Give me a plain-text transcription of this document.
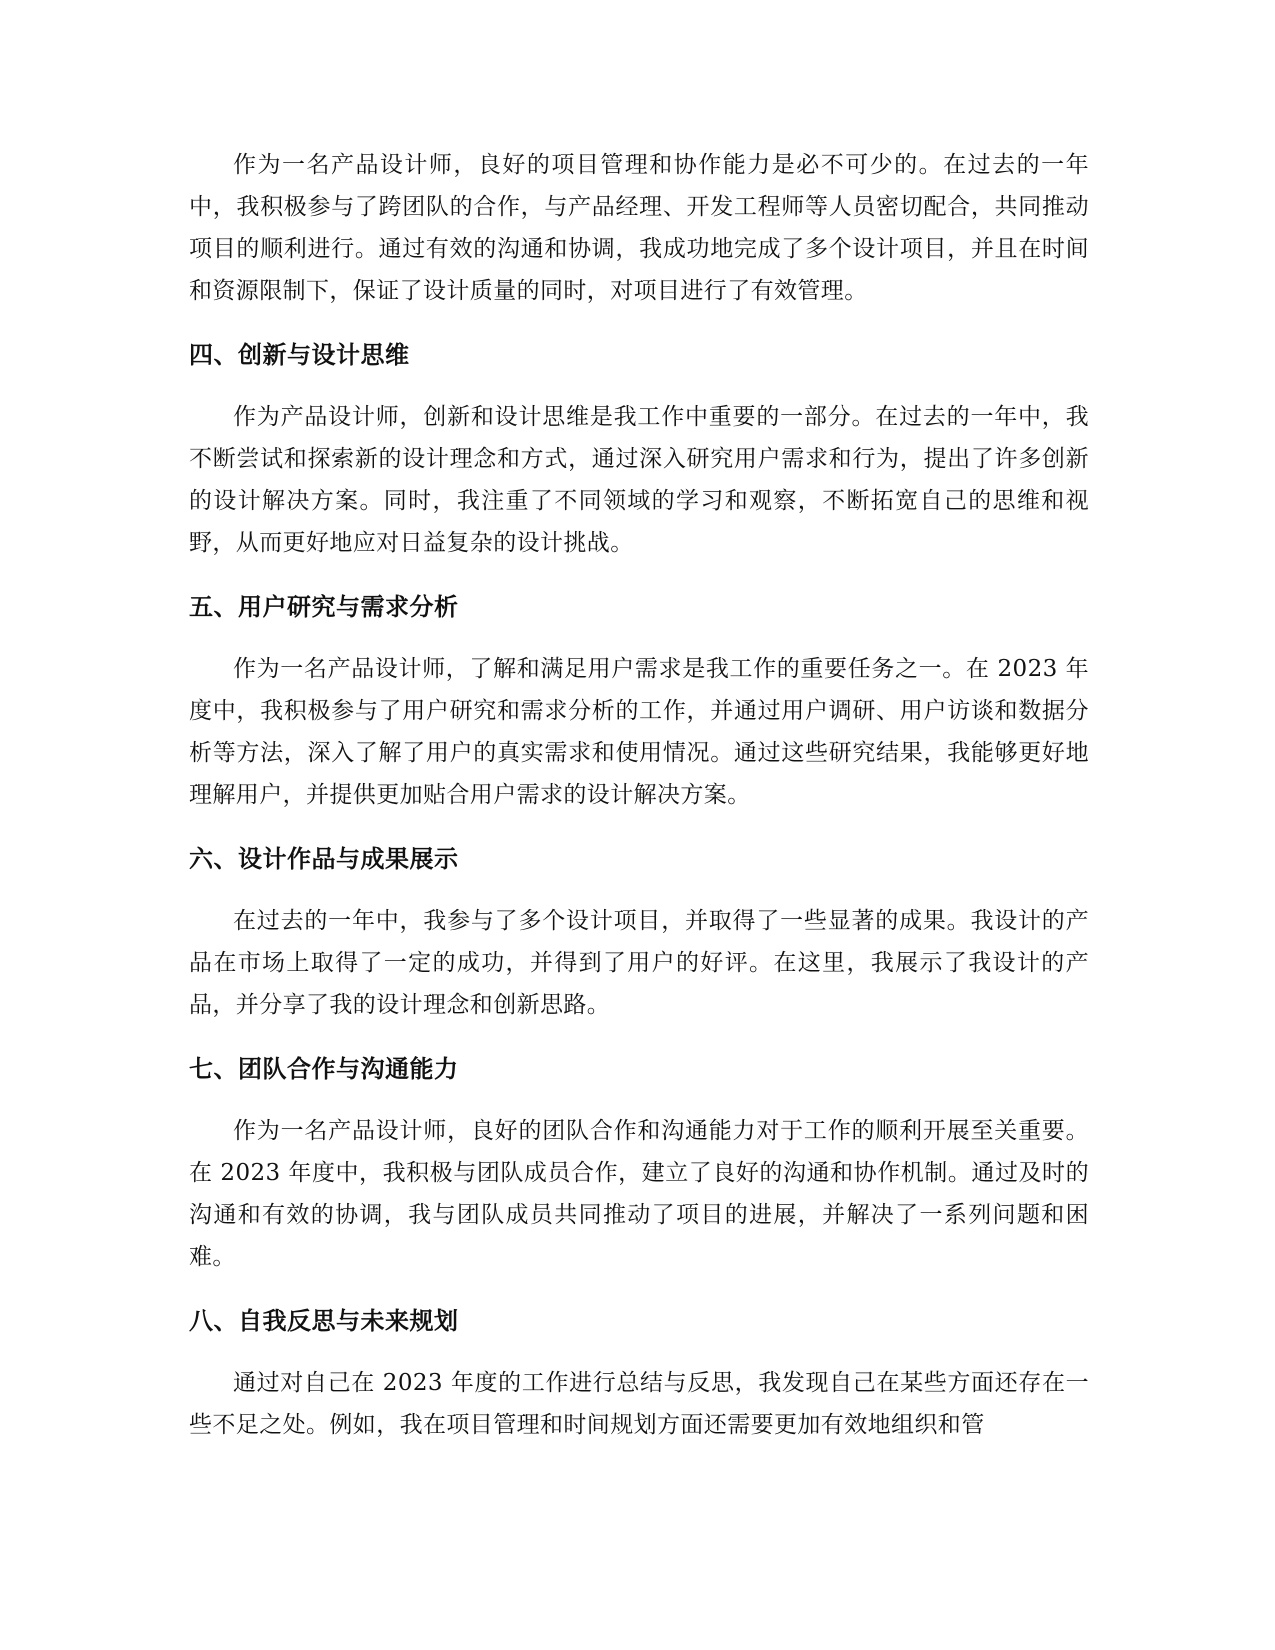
作为一名产品设计师，良好的项目管理和协作能力是必不可少的。在过去的一年中，我积极参与了跨团队的合作，与产品经理、开发工程师等人员密切配合，共同推动项目的顺利进行。通过有效的沟通和协调，我成功地完成了多个设计项目，并且在时间和资源限制下，保证了设计质量的同时，对项目进行了有效管理。

四、创新与设计思维

作为产品设计师，创新和设计思维是我工作中重要的一部分。在过去的一年中，我不断尝试和探索新的设计理念和方式，通过深入研究用户需求和行为，提出了许多创新的设计解决方案。同时，我注重了不同领域的学习和观察，不断拓宽自己的思维和视野，从而更好地应对日益复杂的设计挑战。

五、用户研究与需求分析

作为一名产品设计师，了解和满足用户需求是我工作的重要任务之一。在 2023 年度中，我积极参与了用户研究和需求分析的工作，并通过用户调研、用户访谈和数据分析等方法，深入了解了用户的真实需求和使用情况。通过这些研究结果，我能够更好地理解用户，并提供更加贴合用户需求的设计解决方案。

六、设计作品与成果展示

在过去的一年中，我参与了多个设计项目，并取得了一些显著的成果。我设计的产品在市场上取得了一定的成功，并得到了用户的好评。在这里，我展示了我设计的产品，并分享了我的设计理念和创新思路。

七、团队合作与沟通能力

作为一名产品设计师，良好的团队合作和沟通能力对于工作的顺利开展至关重要。在 2023 年度中，我积极与团队成员合作，建立了良好的沟通和协作机制。通过及时的沟通和有效的协调，我与团队成员共同推动了项目的进展，并解决了一系列问题和困难。

八、自我反思与未来规划

通过对自己在 2023 年度的工作进行总结与反思，我发现自己在某些方面还存在一些不足之处。例如，我在项目管理和时间规划方面还需要更加有效地组织和管
